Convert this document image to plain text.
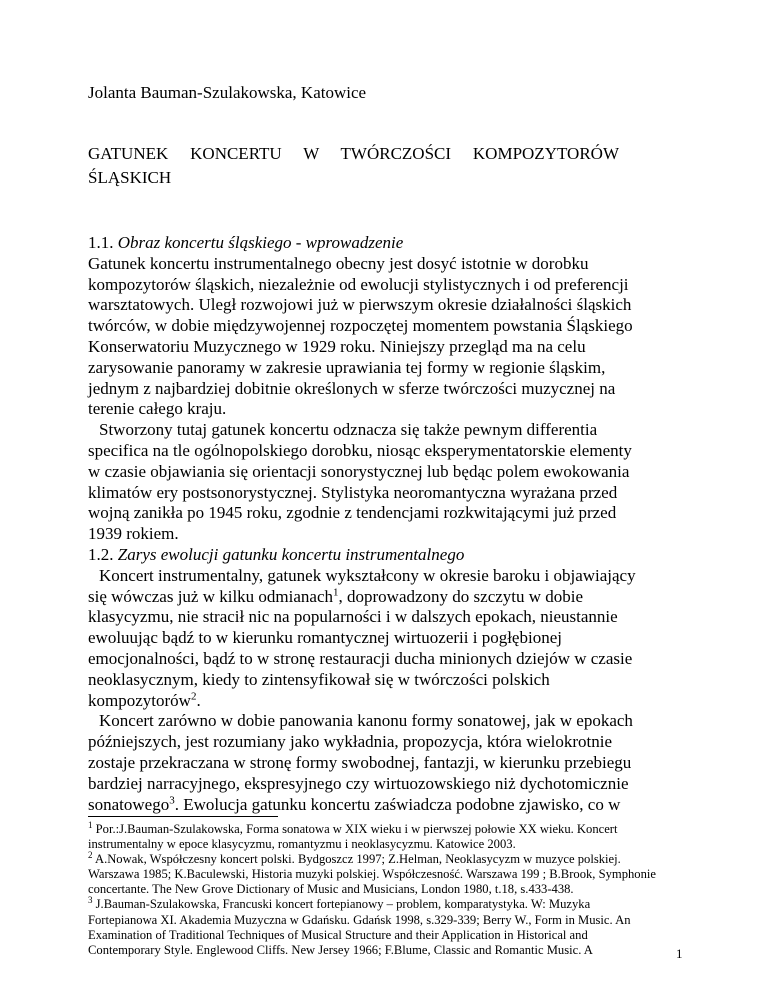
Jolanta Bauman-Szulakowska, Katowice
GATUNEK KONCERTU W TWÓRCZOŚCI KOMPOZYTORÓW
ŚLĄSKICH

1.1. Obraz koncertu śląskiego - wprowadzenie

Gatunek koncertu instrumentalnego obecny jest dosyć istotnie w dorobku
kompozytorów śląskich, niezależnie od ewolucji stylistycznych i od preferencji
warsztatowych. Uległ rozwojowi już w pierwszym okresie działalności śląskich
twórców, w dobie międzywojennej rozpoczętej momentem powstania Śląskiego
Konserwatoriu Muzycznego w 1929 roku. Niniejszy przegląd ma na celu
zarysowanie panoramy w zakresie uprawiania tej formy w regionie śląskim,
jednym z najbardziej dobitnie określonych w sferze twórczości muzycznej na
terenie całego kraju.

Stworzony tutaj gatunek koncertu odznacza się także pewnym differentia
specifica na tle ogólnopolskiego dorobku, niosąc eksperymentatorskie elementy
w czasie objawiania się orientacji sonorystycznej lub będąc polem ewokowania
klimatów ery postsonorystycznej. Stylistyka neoromantyczna wyrażana przed
wojną zanikła po 1945 roku, zgodnie z tendencjami rozkwitającymi już przed
1939 rokiem.

1.2. Zarys ewolucji gatunku koncertu instrumentalnego

Koncert instrumentalny, gatunek wykształcony w okresie baroku i objawiający
się wówczas już w kilku odmianach$^1$, doprowadzony do szczytu w dobie
klasycyzmu, nie stracił nic na popularności i w dalszych epokach, nieustannie
ewoluując bądź to w kierunku romantycznej wirtuozerii i pogłębionej
emocjonalności, bądź to w stronę restauracji ducha minionych dziejów w czasie
neoklasycznym, kiedy to zintensyfikował się w twórczości polskich
kompozytorów$^2$.

Koncert zarówno w dobie panowania kanonu formy sonatowej, jak w epokach
późniejszych, jest rozumiany jako wykładnia, propozycja, która wielokrotnie
zostaje przekraczana w stronę formy swobodnej, fantazji, w kierunku przebiegu
bardziej narracyjnego, ekspresyjnego czy wirtuozowskiego niż dychotomicznie
sonatowego$^3$. Ewolucja gatunku koncertu zaświadcza podobne zjawisko, co w

$^1$ Por.:J.Bauman-Szulakowska, Forma sonatowa w XIX wieku i w pierwszej połowie XX wieku. Koncert
instrumentalny w epoce klasycyzmu, romantyzmu i neoklasycyzmu. Katowice 2003.
$^2$ A.Nowak, Współczesny koncert polski. Bydgoszcz 1997; Z.Helman, Neoklasycyzm w muzyce polskiej.
Warszawa 1985; K.Baculewski, Historia muzyki polskiej. Współczesność. Warszawa 199 ; B.Brook, Symphonie
concertante. The New Grove Dictionary of Music and Musicians, London 1980, t.18, s.433-438.
$^3$ J.Bauman-Szulakowska, Francuski koncert fortepianowy – problem, komparatystyka. W: Muzyka
Fortepianowa XI. Akademia Muzyczna w Gdańsku. Gdańsk 1998, s.329-339; Berry W., Form in Music. An
Examination of Traditional Techniques of Musical Structure and their Application in Historical and
Contemporary Style. Englewood Cliffs. New Jersey 1966; F.Blume, Classic and Romantic Music. A	1
